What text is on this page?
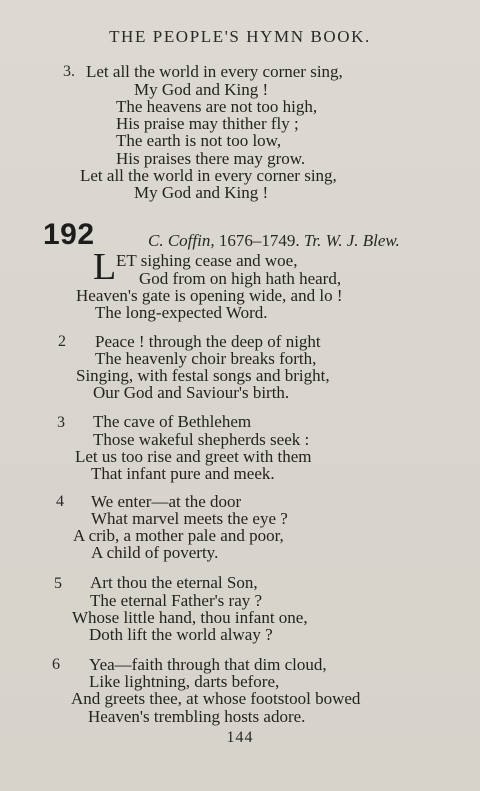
THE PEOPLE'S HYMN BOOK.
3. Let all the world in every corner sing,
My God and King !
The heavens are not too high,
His praise may thither fly ;
The earth is not too low,
His praises there may grow.
Let all the world in every corner sing,
My God and King !
192	C. Coffin, 1676–1749. Tr. W. J. Blew.
L ET sighing cease and woe,
God from on high hath heard,
Heaven's gate is opening wide, and lo !
The long-expected Word.
2 Peace ! through the deep of night
The heavenly choir breaks forth,
Singing, with festal songs and bright,
Our God and Saviour's birth.
3 The cave of Bethlehem
Those wakeful shepherds seek :
Let us too rise and greet with them
That infant pure and meek.
4 We enter—at the door
What marvel meets the eye ?
A crib, a mother pale and poor,
A child of poverty.
5 Art thou the eternal Son,
The eternal Father's ray ?
Whose little hand, thou infant one,
Doth lift the world alway ?
6 Yea—faith through that dim cloud,
Like lightning, darts before,
And greets thee, at whose footstool bowed
Heaven's trembling hosts adore.
144
